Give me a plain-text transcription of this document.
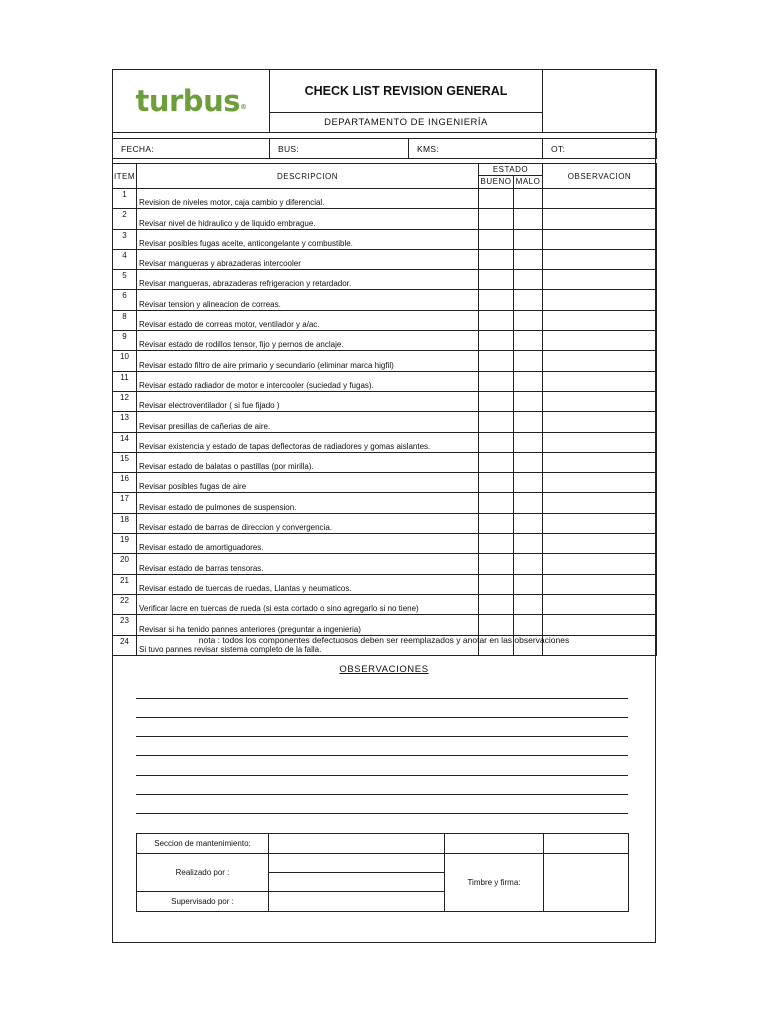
turbus®	CHECK LIST REVISION GENERAL	
DEPARTAMENTO DE INGENIERÍA
FECHA:	BUS:	KMS:	OT:
ITEM	DESCRIPCION	ESTADO		OBSERVACION
		BUENO	MALO	
1	Revision de niveles motor, caja cambio y diferencial.			
2	Revisar nivel de hidraulico y de liquido embrague.			
3	Revisar posibles fugas aceite, anticongelante y combustible.			
4	Revisar mangueras y abrazaderas intercooler			
5	Revisar mangueras, abrazaderas refrigeracion y retardador.			
6	Revisar tension y alineacion de correas.			
8	Revisar estado de correas motor, ventilador y a/ac.			
9	Revisar estado de rodillos tensor, fijo y pernos de anclaje.			
10	Revisar estado filtro de aire primario y secundario (eliminar marca higfil)			
11	Revisar estado radiador de motor e intercooler (suciedad y fugas).			
12	Revisar electroventilador ( si fue fijado )			
13	Revisar presillas de cañerias de aire.			
14	Revisar existencia y estado de tapas deflectoras de radiadores y gomas aislantes.			
15	Revisar estado de balatas o pastillas (por mirilla).			
16	Revisar posibles fugas de aire			
17	Revisar estado de pulmones de suspension.			
18	Revisar estado de barras de direccion y convergencia.			
19	Revisar estado de amortiguadores.			
20	Revisar estado de barras tensoras.			
21	Revisar estado de tuercas de ruedas, Llantas y neumaticos.			
22	Verificar lacre en tuercas de rueda (si esta cortado o sino agregarlo si no tiene)			
23	Revisar si ha tenido pannes anteriores (preguntar a ingenieria)			
24	Si tuvo pannes revisar sistema completo de la falla.			
nota : todos los componentes defectuosos deben ser reemplazados y anotar en las observaciones
OBSERVACIONES
Seccion de mantenimiento:			
Realizado por :		Timbre y firma:	

Supervisado por :			
